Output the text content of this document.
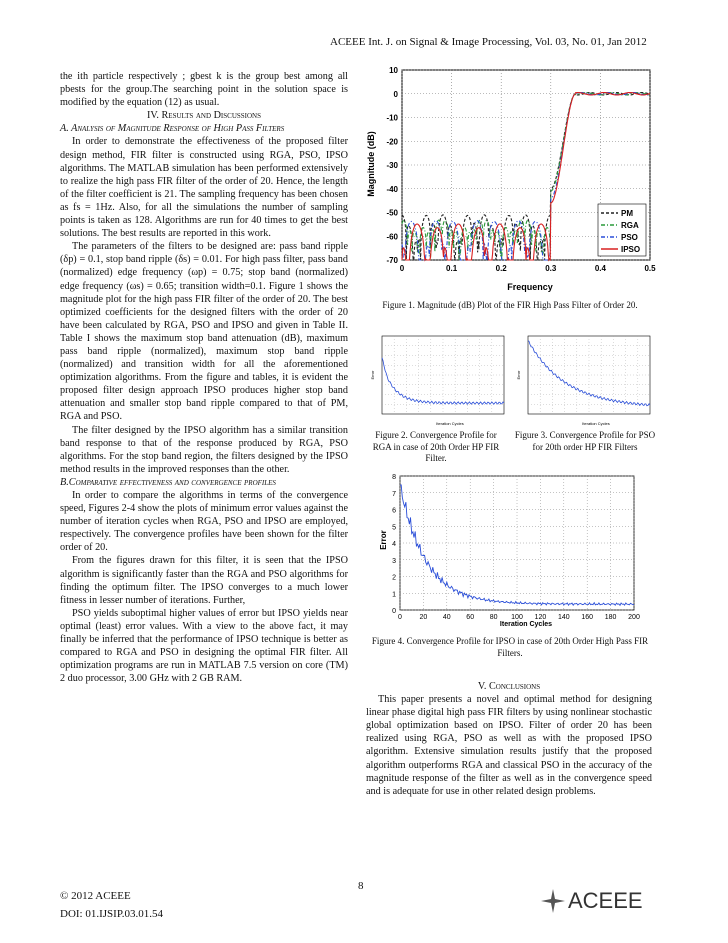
ACEEE Int. J. on Signal & Image Processing, Vol. 03, No. 01, Jan 2012

the ith particle respectively ; gbest k is the group best among all pbests for the group.The searching point in the solution space is modified by the equation (12) as usual.

IV. Results and Discussions

A. Analysis of Magnitude Response of High Pass Filters

In order to demonstrate the effectiveness of the proposed filter design method, FIR filter is constructed using RGA, PSO, IPSO algorithms. The MATLAB simulation has been performed extensively to realize the high pass FIR filter of the order of 20. Hence, the length of the filter coefficient is 21. The sampling frequency has been chosen as fs = 1Hz. Also, for all the simulations the number of sampling points is taken as 128. Algorithms are run for 40 times to get the best solutions. The best results are reported in this work.

The parameters of the filters to be designed are: pass band ripple (δp) = 0.1, stop band ripple (δs) = 0.01. For high pass filter, pass band (normalized) edge frequency (ωp) = 0.75; stop band (normalized) edge frequency (ωs) = 0.65; transition width=0.1. Figure 1 shows the magnitude plot for the high pass FIR filter of the order of 20. The best optimized coefficients for the designed filters with the order of 20 have been calculated by RGA, PSO and IPSO and given in Table II. Table I shows the maximum stop band attenuation (dB), maximum pass band ripple (normalized), maximum stop band ripple (normalized) and transition width for all the aforementioned optimization algorithms. From the figure and tables, it is evident the proposed filter design approach IPSO produces higher stop band attenuation and smaller stop band ripple compared to that of PM, RGA and PSO.

The filter designed by the IPSO algorithm has a similar transition band response to that of the response produced by RGA, PSO algorithms. For the stop band region, the filters designed by the IPSO method results in the improved responses than the other.

B.Comparative effectiveness and convergence profiles

In order to compare the algorithms in terms of the convergence speed, Figures 2-4 show the plots of minimum error values against the number of iteration cycles when RGA, PSO and IPSO are employed, respectively. The convergence profiles have been shown for the filter order of 20.

From the figures drawn for this filter, it is seen that the IPSO algorithm is significantly faster than the RGA and PSO algorithms for finding the optimum filter. The IPSO converges to a much lower fitness in lesser number of iterations. Further,

PSO yields suboptimal higher values of error but IPSO yields near optimal (least) error values. With a view to the above fact, it may finally be inferred that the performance of IPSO technique is better as compared to RGA and PSO in designing the optimal FIR filter. All optimization programs are run in MATLAB 7.5 version on core (TM) 2 duo processor, 3.00 GHz with 2 GB RAM.

10
0
-10
-20
-30
-40
-50
-60
-70
0	0.1	0.2	0.3	0.4	0.5
Magnitude (dB)
Frequency
PM
RGA
PSO
IPSO
Figure 1. Magnitude (dB) Plot of the FIR High Pass Filter of Order 20.
Iteration Cycles
Error
Figure 2. Convergence Profile for RGA in case of 20th Order HP FIR Filter.
Iteration Cycles
Error
Figure 3. Convergence Profile for PSO for 20th order HP FIR Filters
0
1
2
3
4
5
6
7
8
0	20 40 60 80 100 120 140 160 180 200
Error
Iteration Cycles
Figure 4. Convergence Profile for IPSO in case of 20th Order High Pass FIR Filters.

V. Conclusions

This paper presents a novel and optimal method for designing linear phase digital high pass FIR filters by using nonlinear stochastic global optimization based on IPSO. Filter of order 20 has been realized using RGA, PSO as well as with the proposed IPSO algorithm. Extensive simulation results justify that the proposed algorithm outperforms RGA and classical PSO in the accuracy of the magnitude response of the filter as well as in the convergence speed and is adequate for use in other related design problems.

© 2012 ACEEE
DOI: 01.IJSIP.03.01.54
8
ACEEE
